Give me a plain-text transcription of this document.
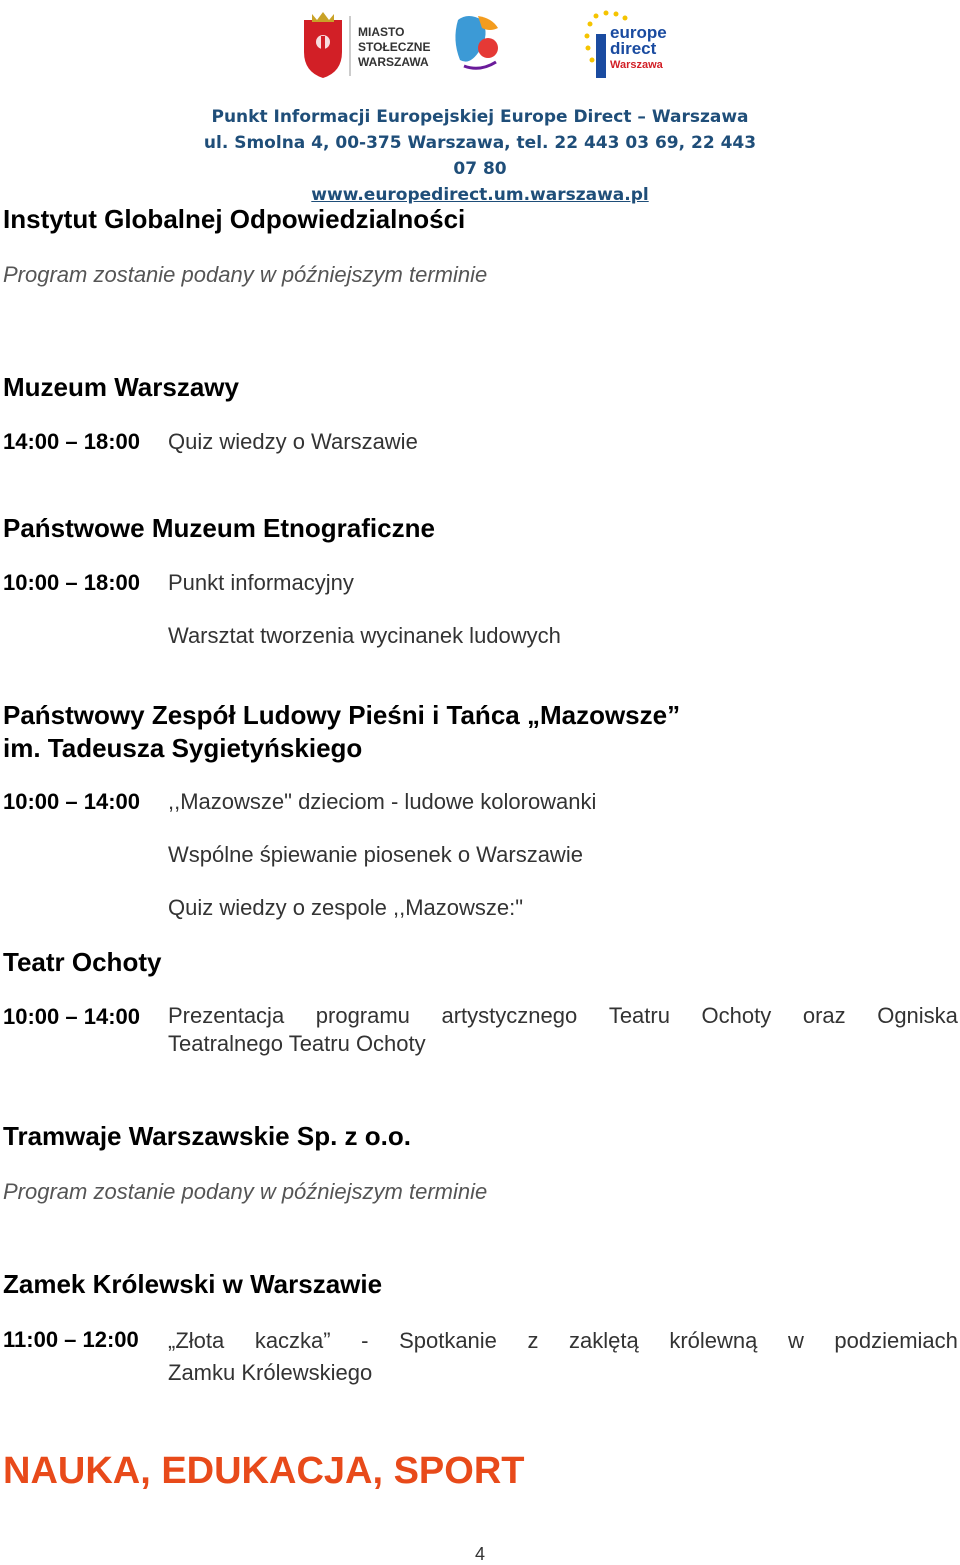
MIASTO
STOŁECZNE
WARSZAWA
europe
direct
Warszawa
Punkt Informacji Europejskiej Europe Direct – Warszawa
ul. Smolna 4, 00-375 Warszawa, tel. 22 443 03 69, 22 443 07 80
www.europedirect.um.warszawa.pl
Instytut Globalnej Odpowiedzialności
Program zostanie podany w późniejszym terminie
Muzeum Warszawy
14:00 – 18:00 Quiz wiedzy o Warszawie
Państwowe Muzeum Etnograficzne
10:00 – 18:00 Punkt informacyjny
Warsztat tworzenia wycinanek ludowych
Państwowy Zespół Ludowy Pieśni i Tańca „Mazowsze”
im. Tadeusza Sygietyńskiego
10:00 – 14:00 ,,Mazowsze" dzieciom - ludowe kolorowanki
Wspólne śpiewanie piosenek o Warszawie
Quiz wiedzy o zespole ,,Mazowsze:"
Teatr Ochoty
10:00 – 14:00	Prezentacja programu artystycznego Teatru Ochoty oraz Ogniska
Teatralnego Teatru Ochoty
Tramwaje Warszawskie Sp. z o.o.
Program zostanie podany w późniejszym terminie
Zamek Królewski w Warszawie
11:00 – 12:00	„Złota kaczka” - Spotkanie z zaklętą królewną w podziemiach
Zamku Królewskiego
NAUKA, EDUKACJA, SPORT
4
